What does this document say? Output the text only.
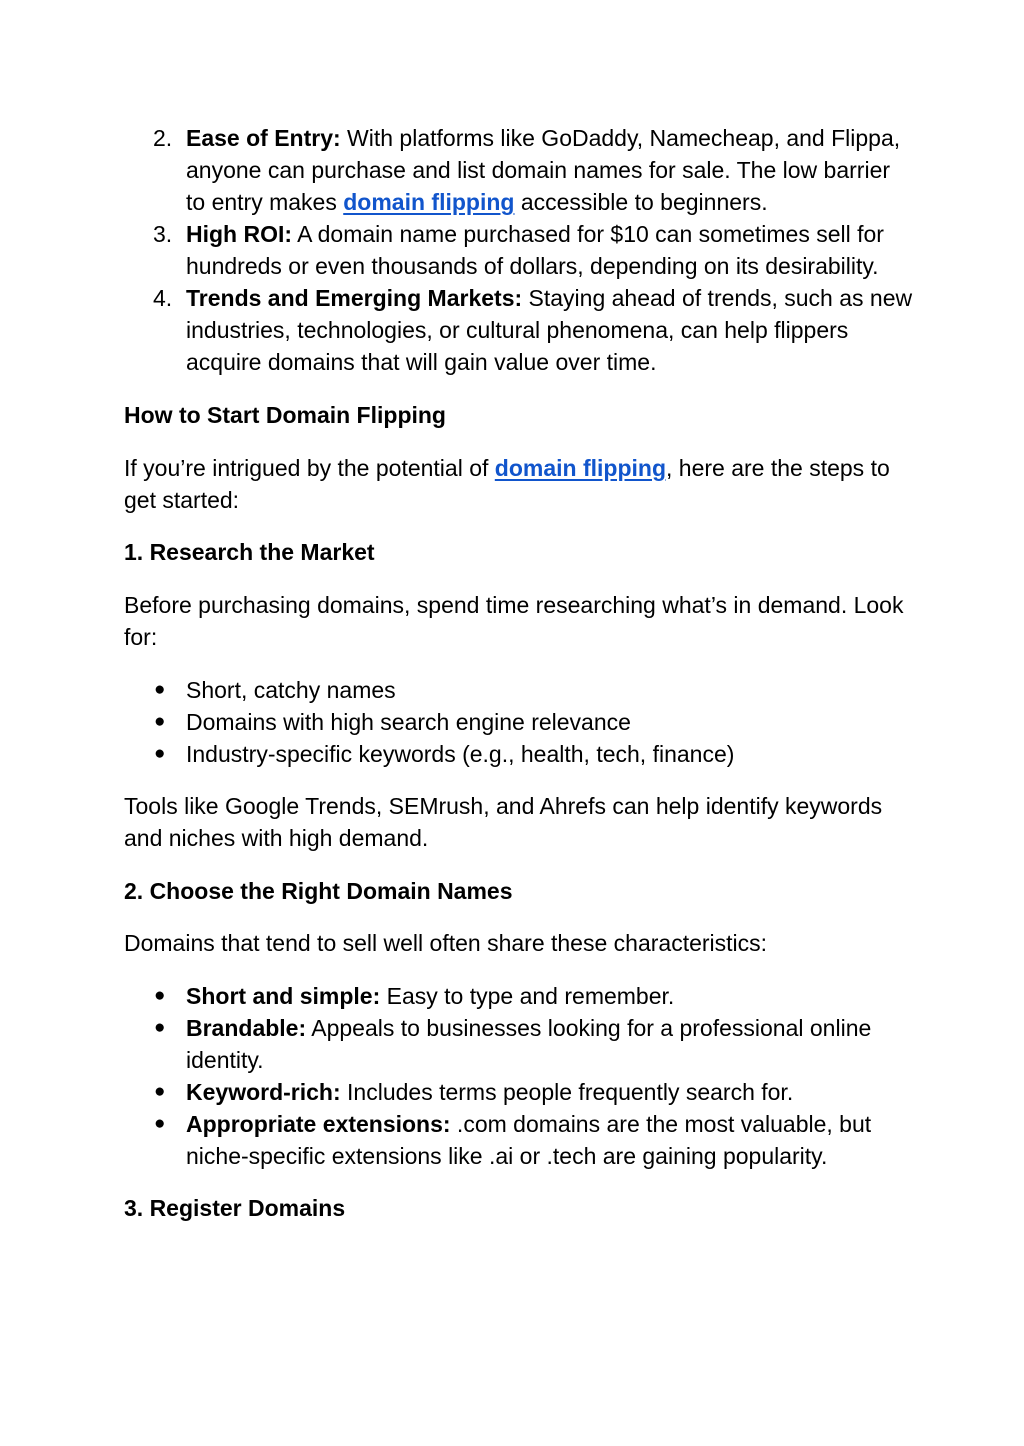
2. Ease of Entry: With platforms like GoDaddy, Namecheap, and Flippa, anyone can purchase and list domain names for sale. The low barrier to entry makes domain flipping accessible to beginners.
3. High ROI: A domain name purchased for $10 can sometimes sell for hundreds or even thousands of dollars, depending on its desirability.
4. Trends and Emerging Markets: Staying ahead of trends, such as new industries, technologies, or cultural phenomena, can help flippers acquire domains that will gain value over time.

How to Start Domain Flipping

If you’re intrigued by the potential of domain flipping, here are the steps to get started:

1. Research the Market

Before purchasing domains, spend time researching what’s in demand. Look for:

● Short, catchy names
● Domains with high search engine relevance
● Industry-specific keywords (e.g., health, tech, finance)

Tools like Google Trends, SEMrush, and Ahrefs can help identify keywords and niches with high demand.

2. Choose the Right Domain Names

Domains that tend to sell well often share these characteristics:

● Short and simple: Easy to type and remember.
● Brandable: Appeals to businesses looking for a professional online identity.
● Keyword-rich: Includes terms people frequently search for.
● Appropriate extensions: .com domains are the most valuable, but niche-specific extensions like .ai or .tech are gaining popularity.

3. Register Domains
